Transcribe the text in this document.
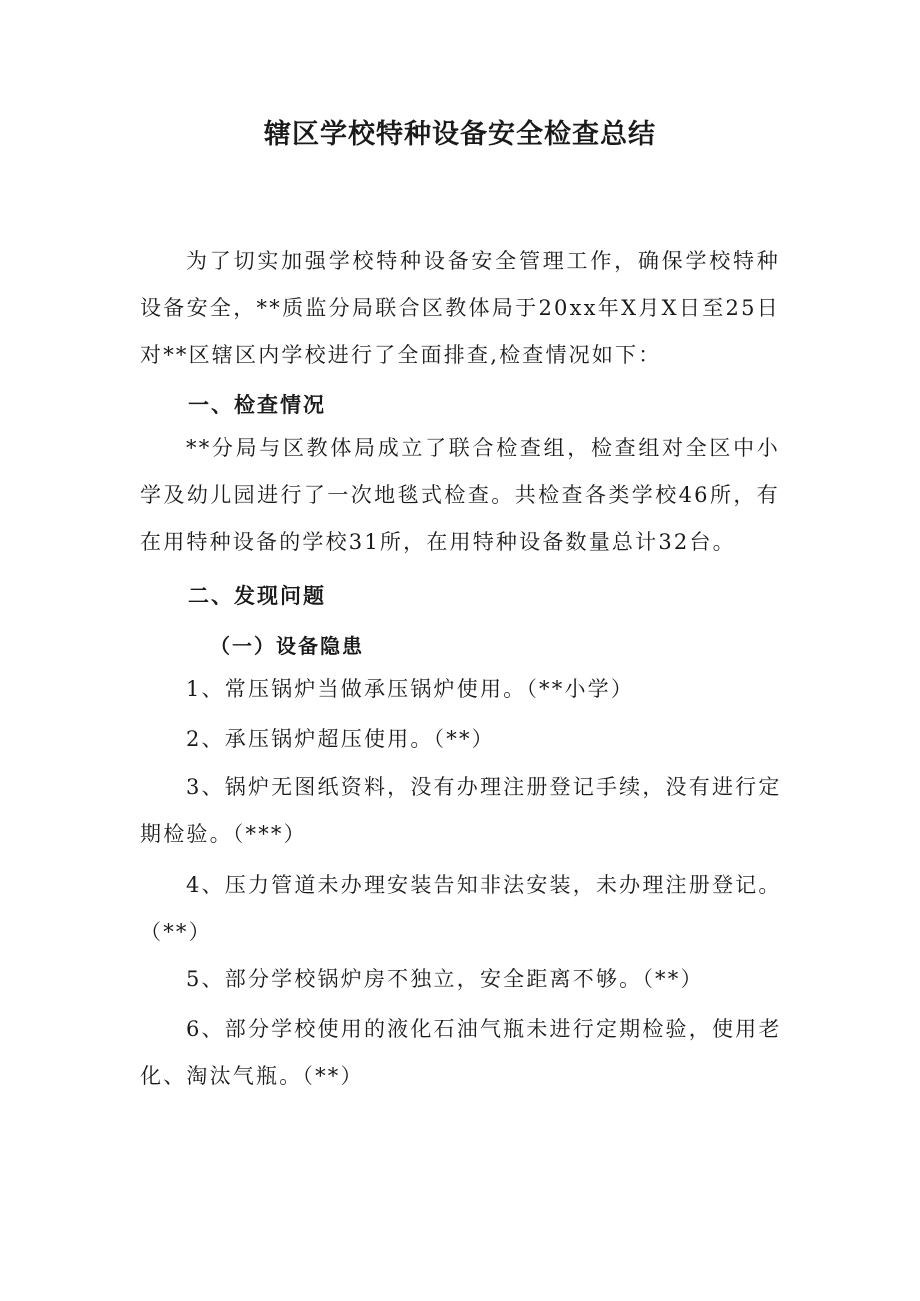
辖区学校特种设备安全检查总结
为了切实加强学校特种设备安全管理工作，确保学校特种设备安全，**质监分局联合区教体局于20xx年X月X日至25日对**区辖区内学校进行了全面排查,检查情况如下：
一、检查情况
**分局与区教体局成立了联合检查组，检查组对全区中小学及幼儿园进行了一次地毯式检查。共检查各类学校46所，有在用特种设备的学校31所，在用特种设备数量总计32台。
二、发现问题
（一）设备隐患
1、常压锅炉当做承压锅炉使用。（**小学）
2、承压锅炉超压使用。（**）
3、锅炉无图纸资料，没有办理注册登记手续，没有进行定期检验。（***）
4、压力管道未办理安装告知非法安装，未办理注册登记。（**）
5、部分学校锅炉房不独立，安全距离不够。（**）
6、部分学校使用的液化石油气瓶未进行定期检验，使用老化、淘汰气瓶。（**）
